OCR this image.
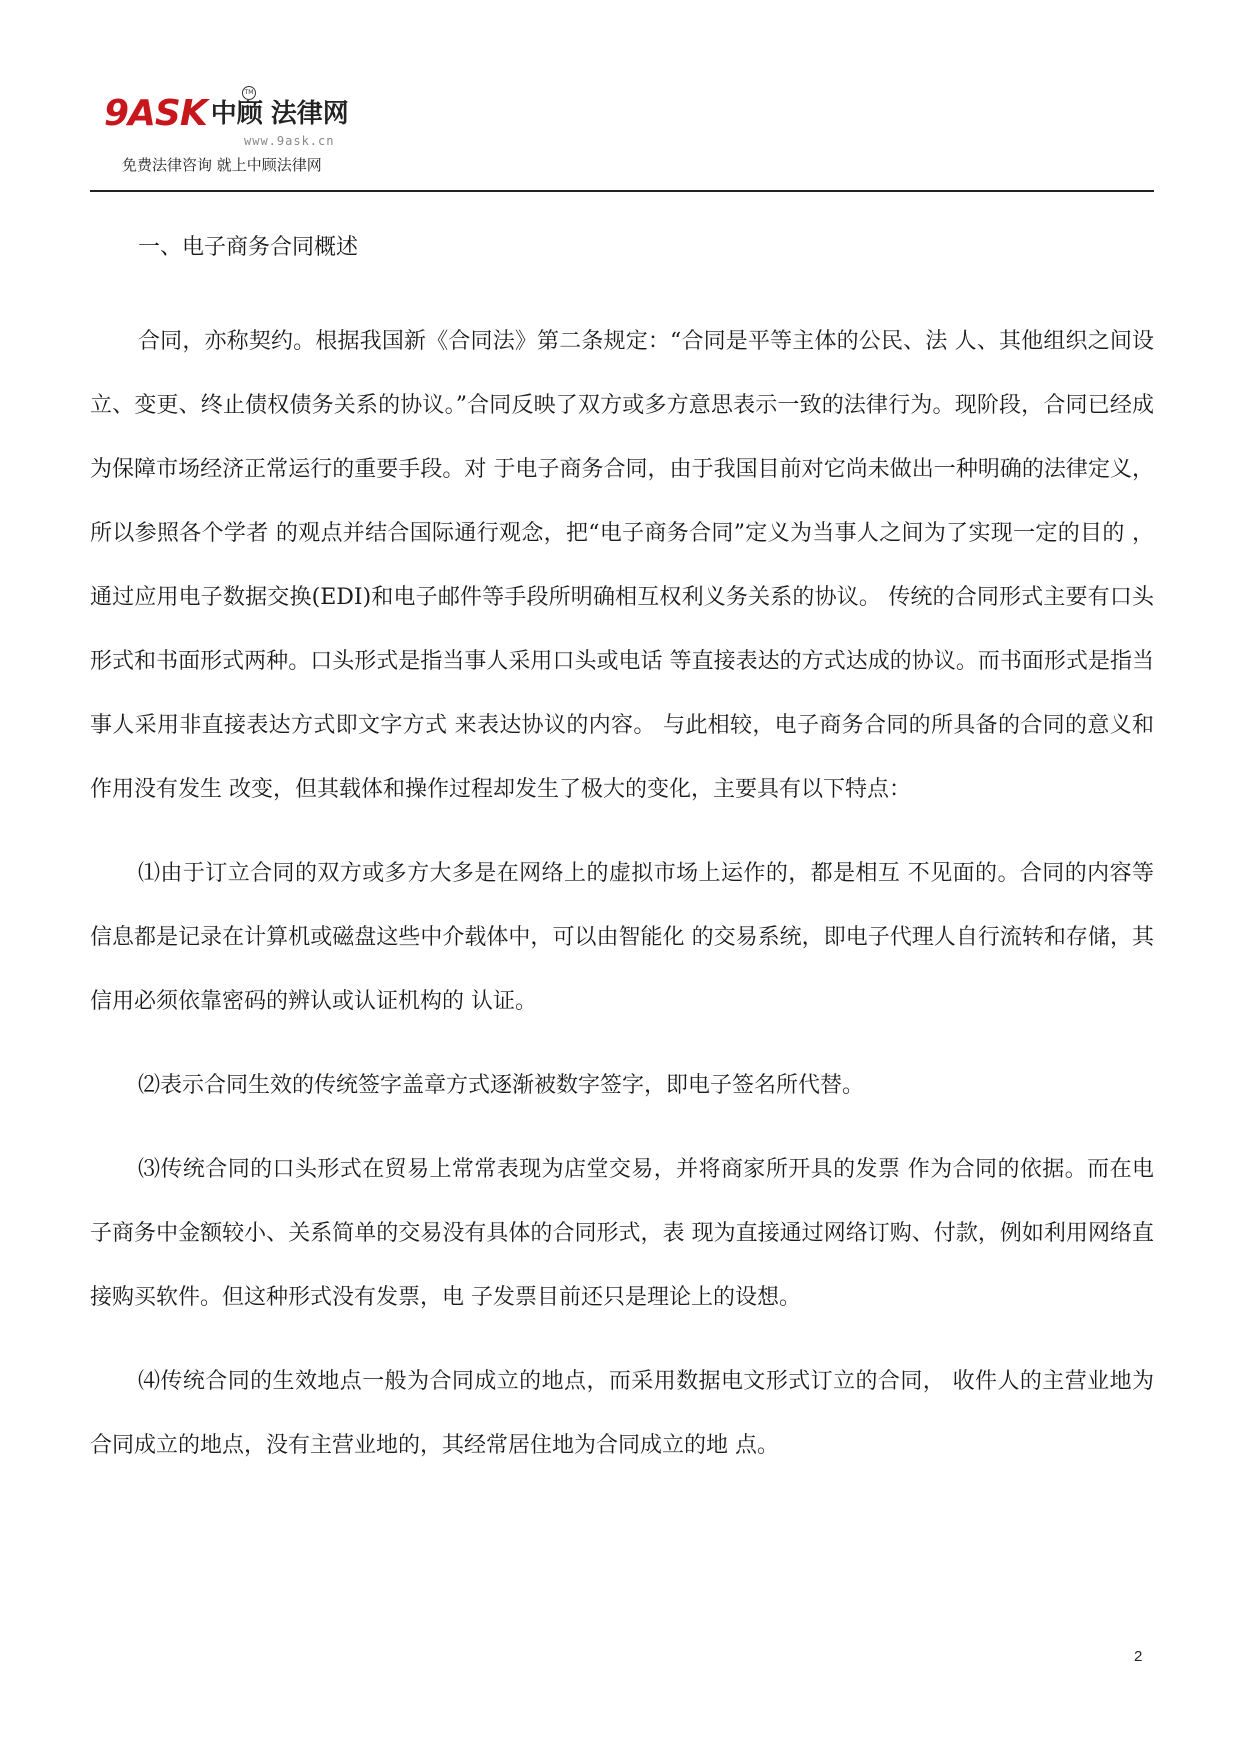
9ASK 中顾 法律网
TM
www.9ask.cn
免费法律咨询 就上中顾法律网

一、电子商务合同概述

合同，亦称契约。根据我国新《合同法》第二条规定：“合同是平等主体的公民、法 人、其他组织之间设立、变更、终止债权债务关系的协议。”合同反映了双方或多方意思表示一致的法律行为。现阶段，合同已经成为保障市场经济正常运行的重要手段。对 于电子商务合同，由于我国目前对它尚未做出一种明确的法律定义，所以参照各个学者 的观点并结合国际通行观念，把“电子商务合同”定义为当事人之间为了实现一定的目的 ，通过应用电子数据交换(EDI)和电子邮件等手段所明确相互权利义务关系的协议。 传统的合同形式主要有口头形式和书面形式两种。口头形式是指当事人采用口头或电话 等直接表达的方式达成的协议。而书面形式是指当事人采用非直接表达方式即文字方式 来表达协议的内容。 与此相较，电子商务合同的所具备的合同的意义和作用没有发生 改变，但其载体和操作过程却发生了极大的变化，主要具有以下特点：

⑴由于订立合同的双方或多方大多是在网络上的虚拟市场上运作的，都是相互 不见面的。合同的内容等信息都是记录在计算机或磁盘这些中介载体中，可以由智能化 的交易系统，即电子代理人自行流转和存储，其信用必须依靠密码的辨认或认证机构的 认证。

⑵表示合同生效的传统签字盖章方式逐渐被数字签字，即电子签名所代替。

⑶传统合同的口头形式在贸易上常常表现为店堂交易，并将商家所开具的发票 作为合同的依据。而在电子商务中金额较小、关系简单的交易没有具体的合同形式，表 现为直接通过网络订购、付款，例如利用网络直接购买软件。但这种形式没有发票，电 子发票目前还只是理论上的设想。

⑷传统合同的生效地点一般为合同成立的地点，而采用数据电文形式订立的合同， 收件人的主营业地为合同成立的地点，没有主营业地的，其经常居住地为合同成立的地 点。

2
